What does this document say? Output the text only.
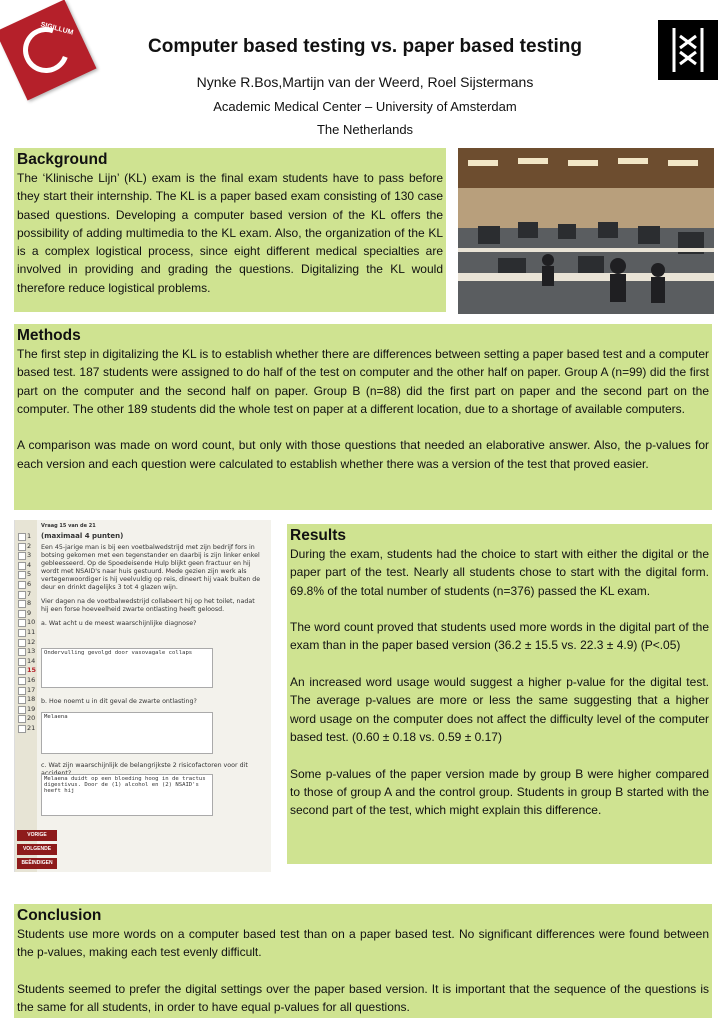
SIGILLUM
Computer based testing vs. paper based testing
Nynke R.Bos,Martijn van der Weerd, Roel Sijstermans
Academic Medical Center – University of Amsterdam
The Netherlands
Background
The ‘Klinische Lijn’ (KL) exam is the final exam students have to pass before they start their internship. The KL is a paper based exam consisting of 130 case based questions. Developing a computer based version of the KL offers the possibility of adding multimedia to the KL exam. Also, the organization of the KL is a complex logistical process, since eight different medical specialties are involved in providing and grading the questions. Digitalizing the KL would therefore reduce logistical problems.
Methods

The first step in digitalizing the KL is to establish whether there are differences between setting a paper based test and a computer based test. 187 students were assigned to do half of the test on computer and the other half on paper. Group A (n=99) did the first part on the computer and the second half on paper. Group B (n=88) did the first part on paper and the second part on the computer. The other 189 students did the whole test on paper at a different location, due to a shortage of available computers.

A comparison was made on word count, but only with those questions that needed an elaborative answer. Also, the p-values for each version and each question were calculated to establish whether there was a version of the test that proved easier.

1
2
3
4
5
6
7
8
9
10
11
12
13
14
15
16
17
18
19
20
21
VORIGE
VOLGENDE
BEËINDIGEN
Vraag 15 van de 21
(maximaal 4 punten)
Een 45-jarige man is bij een voetbalwedstrijd met zijn bedrijf fors in botsing gekomen met een tegenstander en daarbij is zijn linker enkel gebleesseerd. Op de Spoedeisende Hulp blijkt geen fractuur en hij wordt met NSAID's naar huis gestuurd. Mede gezien zijn werk als vertegenwoordiger is hij veelvuldig op reis, dineert hij vaak buiten de deur en drinkt dagelijks 3 tot 4 glazen wijn.
Vier dagen na de voetbalwedstrijd collabeert hij op het toilet, nadat hij een forse hoeveelheid zwarte ontlasting heeft geloosd.
a. Wat acht u de meest waarschijnlijke diagnose?
Ondervulling gevolgd door vasovagale collaps
b. Hoe noemt u in dit geval de zwarte ontlasting?
Melaena
c. Wat zijn waarschijnlijk de belangrijkste 2 risicofactoren voor dit
Melaena duidt op een bloeding hoog in de tractus digestivus. Door de (1) alcohol en (2) NSAID's heeft hij
Results

During the exam, students had the choice to start with either the digital or the paper part of the test. Nearly all students chose to start with the digital form. 69.8% of the total number of students (n=376) passed the KL exam.

The word count proved that students used more words in the digital part of the exam than in the paper based version (36.2 ± 15.5 vs. 22.3 ± 4.9) (P<.05)

An increased word usage would suggest a higher p-value for the digital test. The average p-values are more or less the same suggesting that a higher word usage on the computer does not affect the difficulty level of the computer based test. (0.60 ± 0.18 vs. 0.59 ± 0.17)

Some p-values of the paper version made by group B were higher compared to those of group A and the control group. Students in group B started with the second part of the test, which might explain this difference.

Conclusion

Students use more words on a computer based test than on a paper based test. No significant differences were found between the p-values, making each test evenly difficult.

Students seemed to prefer the digital settings over the paper based version. It is important that the sequence of the questions is the same for all students, in order to have equal p-values for all questions.
